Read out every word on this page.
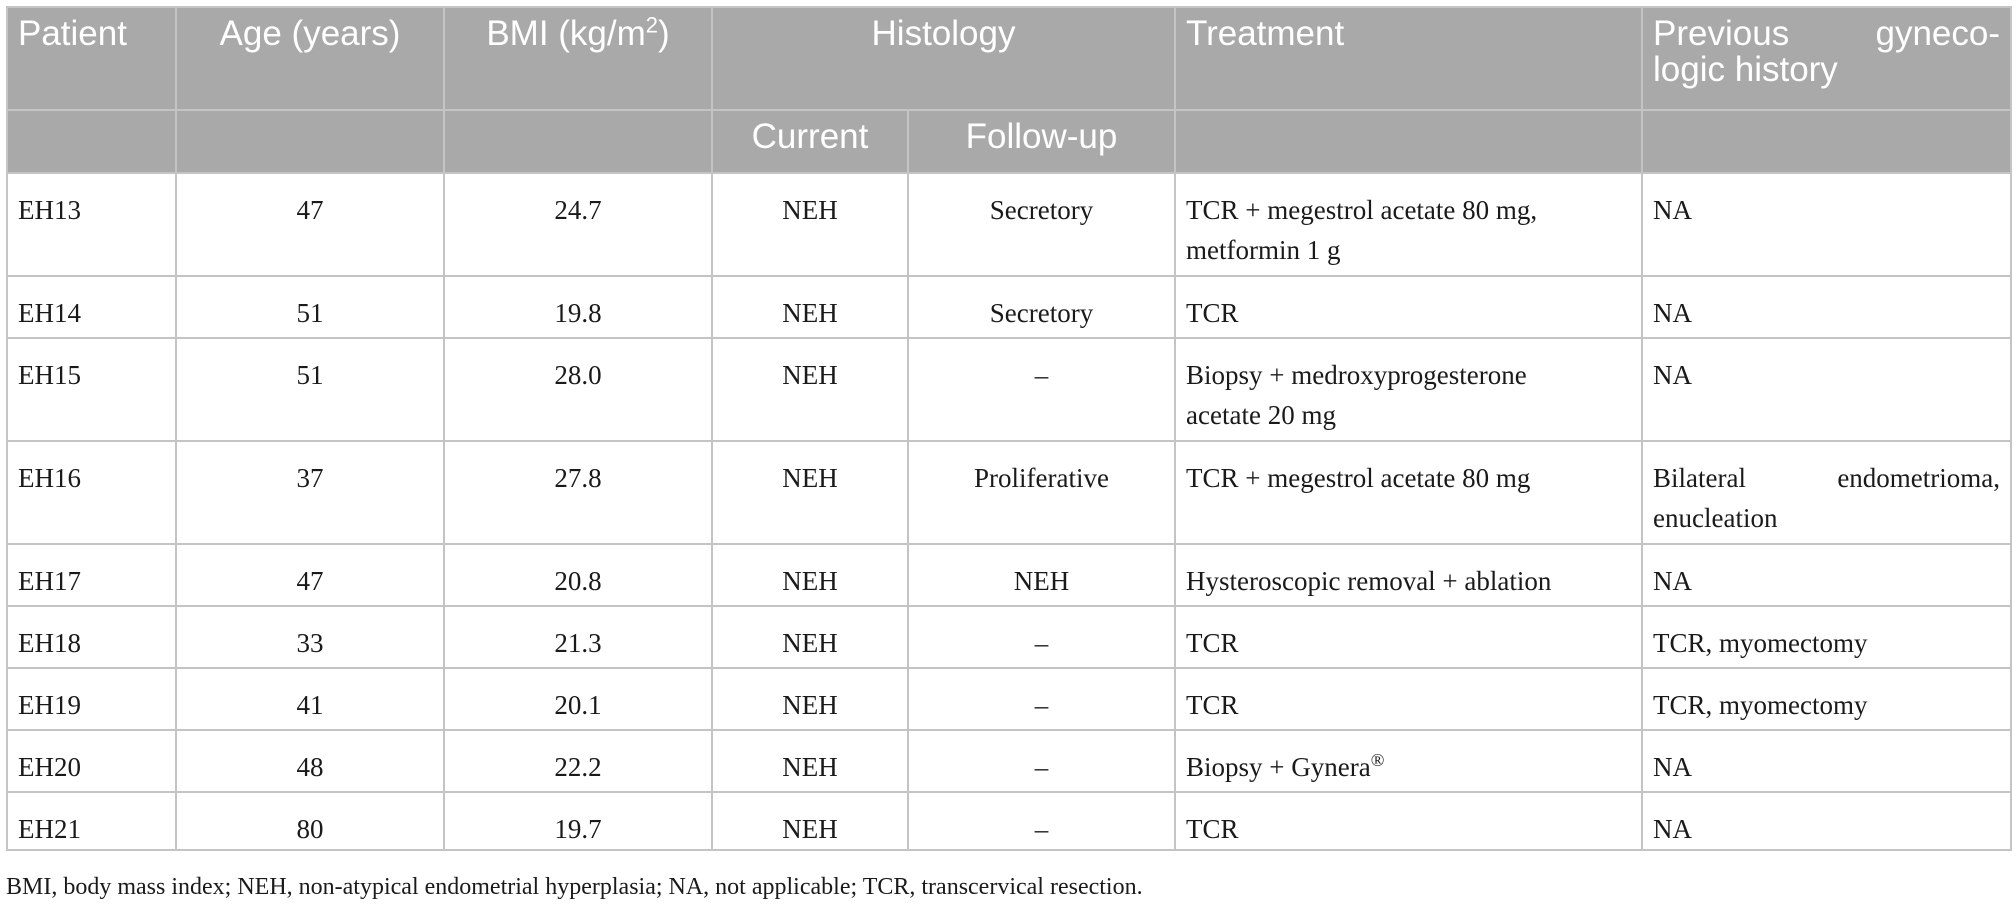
Patient	Age (years)	BMI $(kg/m^2)$	Histology		Treatment	Previous gyneco-
logic history

			Current	Follow-up		
EH13	47	24.7	NEH	Secretory	TCR + megestrol acetate 80 mg,
metformin 1 g	NA
EH14	51	19.8	NEH	Secretory	TCR	NA
EH15	51	28.0	NEH	–	Biopsy + medroxyprogesterone
acetate 20 mg	NA
EH16	37	27.8	NEH	Proliferative	TCR + megestrol acetate 80 mg	Bilateral endometrioma,
enucleation

EH17	47	20.8	NEH	NEH	Hysteroscopic removal + ablation	NA
EH18	33	21.3	NEH	–	TCR	TCR, myomectomy
EH19	41	20.1	NEH	–	TCR	TCR, myomectomy
EH20	48	22.2	NEH	–	Biopsy + Gynera®	NA
EH21	80	19.7	NEH	–	TCR	NA
BMI, body mass index; NEH, non-atypical endometrial hyperplasia; NA, not applicable; TCR, transcervical resection.
